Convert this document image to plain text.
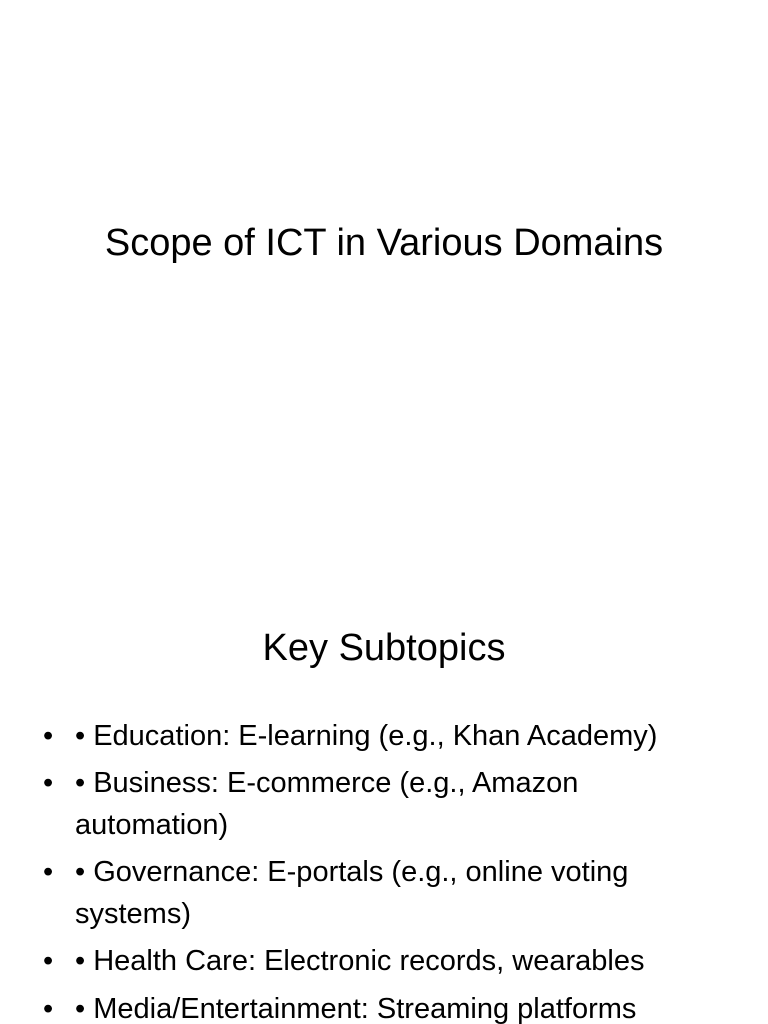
Scope of ICT in Various Domains
Key Subtopics
• • Education: E-learning (e.g., Khan Academy)
• • Business: E-commerce (e.g., Amazon automation)
• • Governance: E-portals (e.g., online voting systems)
• • Health Care: Electronic records, wearables
• • Media/Entertainment: Streaming platforms
